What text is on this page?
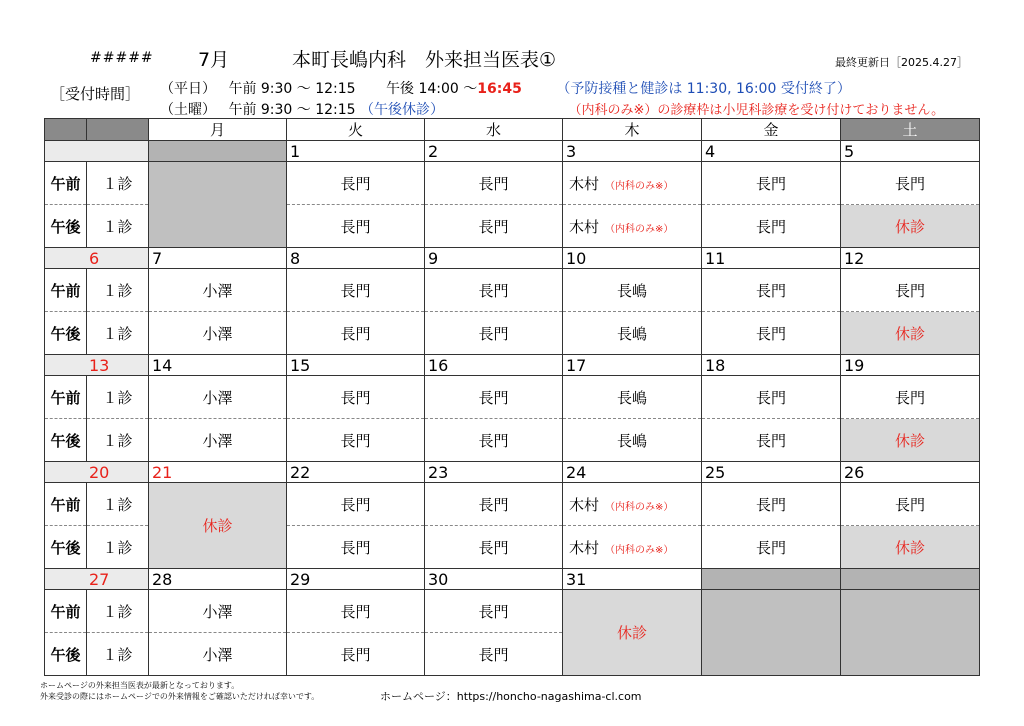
##### 7月	本町長嶋内科　外来担当医表①	最終更新日［2025.4.27］
［受付時間］ （平日） 午前 9:30 ～ 12:15 午後 14:00 ～16:45 （予防接種と健診は 11:30, 16:00 受付終了）
（土曜） 午前 9:30 ～ 12:15 （午後休診）	（内科のみ※）の診療枠は小児科診療を受け付けておりません。
		月	火	水	木	金	土
			1	2	3	4	5
午前	１診		長門	長門	木村 （内科のみ※）	長門	長門
午後	１診		長門	長門	木村 （内科のみ※）	長門	休診
6		7	8	9	10	11	12
午前	１診	小澤	長門	長門	長嶋	長門	長門
午後	１診	小澤	長門	長門	長嶋	長門	休診
13		14	15	16	17	18	19
午前	１診	小澤	長門	長門	長嶋	長門	長門
午後	１診	小澤	長門	長門	長嶋	長門	休診
20		21	22	23	24	25	26
午前	１診	休診	長門	長門	木村 （内科のみ※）	長門	長門
午後	１診		長門	長門	木村 （内科のみ※）	長門	休診
27		28	29	30	31		
午前	１診	小澤	長門	長門	休診		
午後	１診	小澤	長門	長門			
ホームページの外来担当医表が最新となっております。
外来受診の際にはホームページでの外来情報をご確認いただければ幸いです。	ホームページ：https://honcho-nagashima-cl.com
